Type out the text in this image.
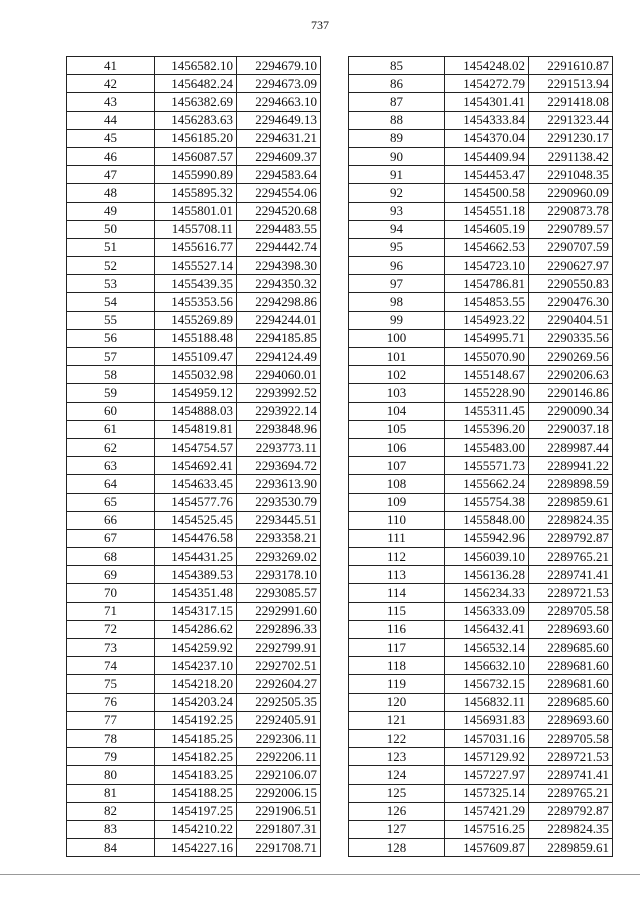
737
41	1456582.10	2294679.10
42	1456482.24	2294673.09
43	1456382.69	2294663.10
44	1456283.63	2294649.13
45	1456185.20	2294631.21
46	1456087.57	2294609.37
47	1455990.89	2294583.64
48	1455895.32	2294554.06
49	1455801.01	2294520.68
50	1455708.11	2294483.55
51	1455616.77	2294442.74
52	1455527.14	2294398.30
53	1455439.35	2294350.32
54	1455353.56	2294298.86
55	1455269.89	2294244.01
56	1455188.48	2294185.85
57	1455109.47	2294124.49
58	1455032.98	2294060.01
59	1454959.12	2293992.52
60	1454888.03	2293922.14
61	1454819.81	2293848.96
62	1454754.57	2293773.11
63	1454692.41	2293694.72
64	1454633.45	2293613.90
65	1454577.76	2293530.79
66	1454525.45	2293445.51
67	1454476.58	2293358.21
68	1454431.25	2293269.02
69	1454389.53	2293178.10
70	1454351.48	2293085.57
71	1454317.15	2292991.60
72	1454286.62	2292896.33
73	1454259.92	2292799.91
74	1454237.10	2292702.51
75	1454218.20	2292604.27
76	1454203.24	2292505.35
77	1454192.25	2292405.91
78	1454185.25	2292306.11
79	1454182.25	2292206.11
80	1454183.25	2292106.07
81	1454188.25	2292006.15
82	1454197.25	2291906.51
83	1454210.22	2291807.31
84	1454227.16	2291708.71
85	1454248.02	2291610.87
86	1454272.79	2291513.94
87	1454301.41	2291418.08
88	1454333.84	2291323.44
89	1454370.04	2291230.17
90	1454409.94	2291138.42
91	1454453.47	2291048.35
92	1454500.58	2290960.09
93	1454551.18	2290873.78
94	1454605.19	2290789.57
95	1454662.53	2290707.59
96	1454723.10	2290627.97
97	1454786.81	2290550.83
98	1454853.55	2290476.30
99	1454923.22	2290404.51
100	1454995.71	2290335.56
101	1455070.90	2290269.56
102	1455148.67	2290206.63
103	1455228.90	2290146.86
104	1455311.45	2290090.34
105	1455396.20	2290037.18
106	1455483.00	2289987.44
107	1455571.73	2289941.22
108	1455662.24	2289898.59
109	1455754.38	2289859.61
110	1455848.00	2289824.35
111	1455942.96	2289792.87
112	1456039.10	2289765.21
113	1456136.28	2289741.41
114	1456234.33	2289721.53
115	1456333.09	2289705.58
116	1456432.41	2289693.60
117	1456532.14	2289685.60
118	1456632.10	2289681.60
119	1456732.15	2289681.60
120	1456832.11	2289685.60
121	1456931.83	2289693.60
122	1457031.16	2289705.58
123	1457129.92	2289721.53
124	1457227.97	2289741.41
125	1457325.14	2289765.21
126	1457421.29	2289792.87
127	1457516.25	2289824.35
128	1457609.87	2289859.61
